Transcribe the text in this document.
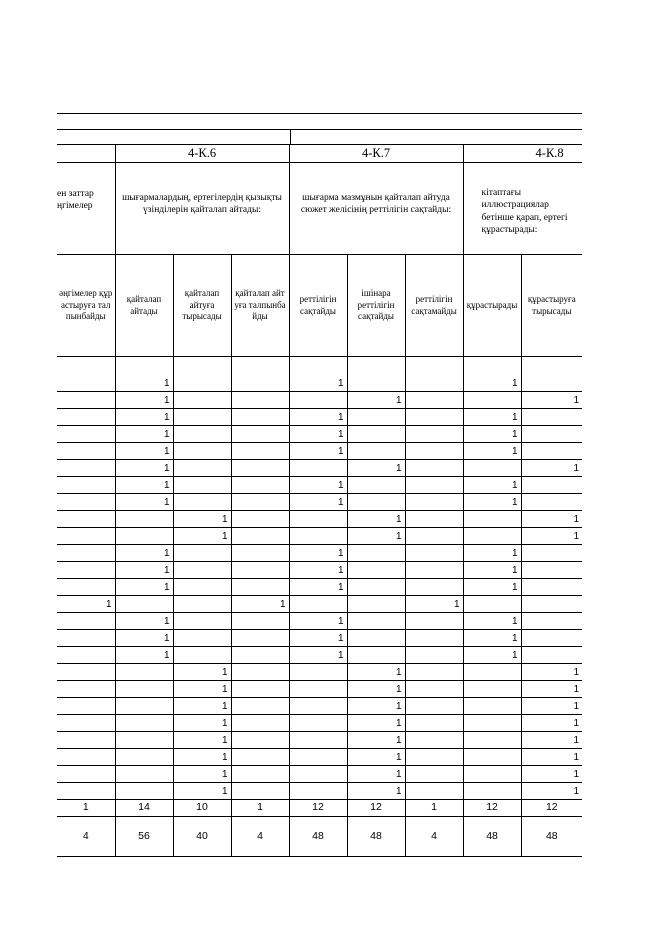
	4-К.6			4-К.7			4-К.8	

ен заттар
ңгімелер	шығармалардың, ертегілердің қызықты үзінділерін қайталап айтады:			шығарма мазмұнын қайталап айтуда сюжет желісінің реттілігін сақтайды:			кітаптағы иллюстрациялар
бетінше қарап, ертегі
құрастырады:	

әңгімелер құрастыруға талпынбайды	қайталап айтады	қайталап айтуға тырысады	қайталап айтуға талпынбайды	реттілігін сақтайды	ішінара реттілігін сақтайды	реттілігін сақтамайды	құрастырады	құрастыруға тырысады
	1			1			1	
	1				1			1
	1			1			1	
	1			1			1	
	1			1			1	
	1				1			1
	1			1			1	
	1			1			1	
		1			1			1
		1			1			1
	1			1			1	
	1			1			1	
	1			1			1	
1			1			1		
	1			1			1	
	1			1			1	
	1			1			1	
		1			1			1
		1			1			1
		1			1			1
		1			1			1
		1			1			1
		1			1			1
		1			1			1
		1			1			1
1	14	10	1	12	12	1	12	12
4	56	40	4	48	48	4	48	48
